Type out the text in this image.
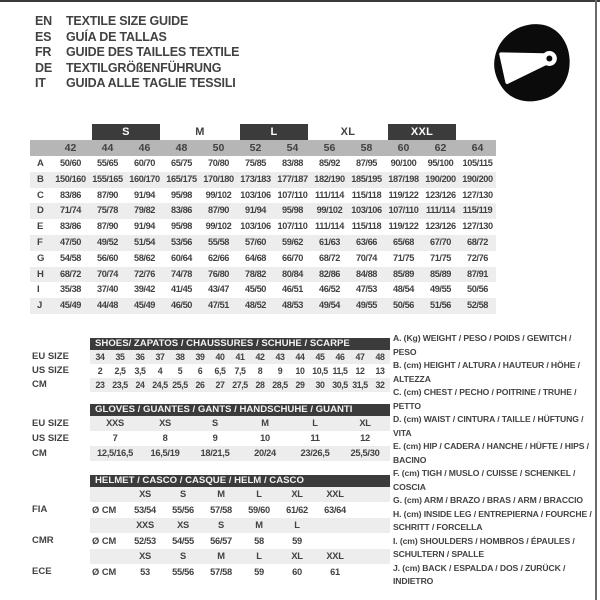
EN	TEXTILE SIZE GUIDE
ES	GUÍA DE TALLAS
FR	GUIDE DES TAILLES TEXTILE
DE	TEXTILGRÖßENFÜHRUNG
IT	GUIDA ALLE TAGLIE TESSILI
S	M	L	XL	XXL
42	44	46	48	50	52	54	56	58	60	62	64
A	50/60	55/65	60/70	65/75	70/80	75/85	83/88	85/92	87/95	90/100	95/100	105/115
B	150/160 155/165 160/170 165/175 170/180 173/183 177/187 182/190 185/195 187/198 190/200 190/200
C	83/86	87/90	91/94	95/98	99/102 103/106 107/110 111/114 115/118 119/122 123/126 127/130
D	71/74	75/78	79/82	83/86	87/90	91/94	95/98	99/102 103/106 107/110 111/114 115/119
E	83/86	87/90	91/94	95/98	99/102 103/106 107/110 111/114 115/118 119/122 123/126 127/130
F	47/50	49/52	51/54	53/56	55/58	57/60	59/62	61/63	63/66	65/68	67/70	68/72
G	54/58	56/60	58/62	60/64	62/66	64/68	66/70	68/72	70/74	71/75	71/75	72/76
H	68/72	70/74	72/76	74/78	76/80	78/82	80/84	82/86	84/88	85/89	85/89	87/91
I	35/38	37/40	39/42	41/45	43/47	45/50	46/51	46/52	47/53	48/54	49/55	50/56
J	45/49	44/48	45/49	46/50	47/51	48/52	48/53	49/54	49/55	50/56	51/56	52/58
SHOES/ ZAPATOS / CHAUSSURES / SCHUHE / SCARPE
EU SIZE	34	35	36	37	38	39	40	41	42	43	44	45	46	47	48
US SIZE	2	2,5	3,5	4	5	6	6,5	7,5	8	9	10 10,5 11,5 12	13
CM	23 23,5 24 24,5 25,5 26	27 27,5 28 28,5 29	30 30,5 31,5 32
GLOVES / GUANTES / GANTS / HANDSCHUHE / GUANTI
EU SIZE	XXS	XS	S	M	L	XL
US SIZE	7	8	9	10	11	12
CM	12,5/16,5	16,5/19	18/21,5	20/24	23/26,5	25,5/30
HELMET / CASCO / CASQUE / HELM / CASCO
XS	S	M	L	XL	XXL
FIA	Ø CM	53/54	55/56	57/58	59/60	61/62	63/64
XXS	XS	S	M	L
CMR	Ø CM	52/53	54/55	56/57	58	59
XS	S	M	L	XL	XXL
ECE	Ø CM	53	55/56	57/58	59	60	61
A. (Kg) WEIGHT / PESO / POIDS / GEWITCH / PESO
B. (cm) HEIGHT / ALTURA / HAUTEUR / HÖHE / ALTEZZA
C. (cm) CHEST / PECHO / POITRINE / TRUHE / PETTO
D. (cm) WAIST / CINTURA / TAILLE / HÜFTUNG / VITA
E. (cm) HIP / CADERA / HANCHE / HÜFTE / HIPS / BACINO
F. (cm) TIGH / MUSLO / CUISSE / SCHENKEL / COSCIA
G. (cm) ARM / BRAZO / BRAS / ARM / BRACCIO
H. (cm) INSIDE LEG / ENTREPIERNA / FOURCHE / SCHRITT / FORCELLA
I. (cm) SHOULDERS / HOMBROS / ÉPAULES / SCHULTERN / SPALLE
J. (cm) BACK / ESPALDA / DOS / ZURÜCK / INDIETRO
